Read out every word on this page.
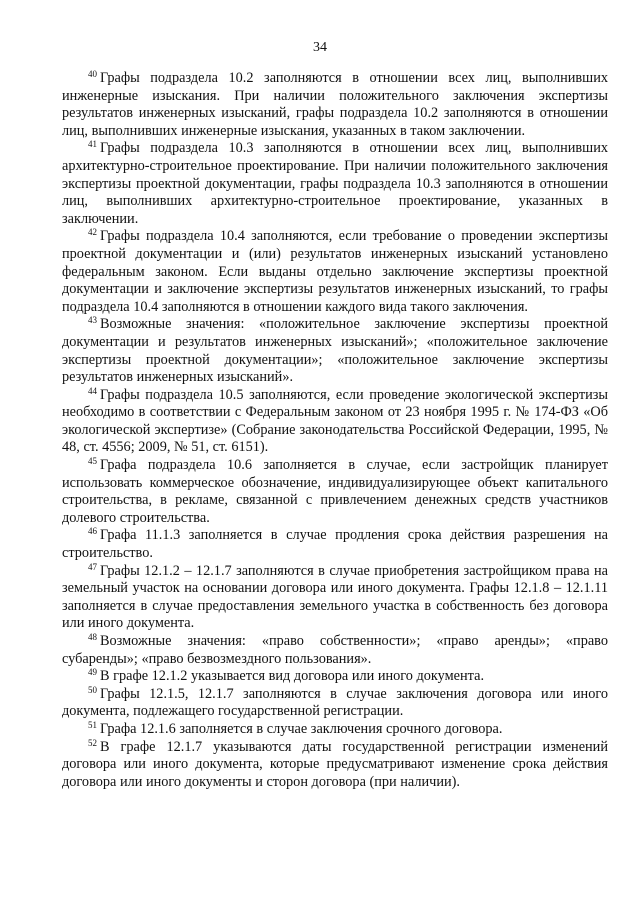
34

$^{40}$ Графы подраздела 10.2 заполняются в отношении всех лиц, выполнивших инженерные изыскания. При наличии положительного заключения экспертизы результатов инженерных изысканий, графы подраздела 10.2 заполняются в отношении лиц, выполнивших инженерные изыскания, указанных в таком заключении.

$^{41}$ Графы подраздела 10.3 заполняются в отношении всех лиц, выполнивших архитектурно-строительное проектирование. При наличии положительного заключения экспертизы проектной документации, графы подраздела 10.3 заполняются в отношении лиц, выполнивших архитектурно-строительное проектирование, указанных в заключении.

$^{42}$ Графы подраздела 10.4 заполняются, если требование о проведении экспертизы проектной документации и (или) результатов инженерных изысканий установлено федеральным законом. Если выданы отдельно заключение экспертизы проектной документации и заключение экспертизы результатов инженерных изысканий, то графы подраздела 10.4 заполняются в отношении каждого вида такого заключения.

$^{43}$ Возможные значения: «положительное заключение экспертизы проектной документации и результатов инженерных изысканий»; «положительное заключение экспертизы проектной документации»; «положительное заключение экспертизы результатов инженерных изысканий».

$^{44}$ Графы подраздела 10.5 заполняются, если проведение экологической экспертизы необходимо в соответствии с Федеральным законом от 23 ноября 1995 г. № 174-ФЗ «Об экологической экспертизе» (Собрание законодательства Российской Федерации, 1995, № 48, ст. 4556; 2009, № 51, ст. 6151).

$^{45}$ Графа подраздела 10.6 заполняется в случае, если застройщик планирует использовать коммерческое обозначение, индивидуализирующее объект капитального строительства, в рекламе, связанной с привлечением денежных средств участников долевого строительства.

$^{46}$ Графа 11.1.3 заполняется в случае продления срока действия разрешения на строительство.

$^{47}$ Графы 12.1.2 – 12.1.7 заполняются в случае приобретения застройщиком права на земельный участок на основании договора или иного документа. Графы 12.1.8 – 12.1.11 заполняется в случае предоставления земельного участка в собственность без договора или иного документа.

$^{48}$ Возможные значения: «право собственности»; «право аренды»; «право субаренды»; «право безвозмездного пользования».

$^{49}$ В графе 12.1.2 указывается вид договора или иного документа.

$^{50}$ Графы 12.1.5, 12.1.7 заполняются в случае заключения договора или иного документа, подлежащего государственной регистрации.

$^{51}$ Графа 12.1.6 заполняется в случае заключения срочного договора.

$^{52}$ В графе 12.1.7 указываются даты государственной регистрации изменений договора или иного документа, которые предусматривают изменение срока действия договора или иного документы и сторон договора (при наличии).
